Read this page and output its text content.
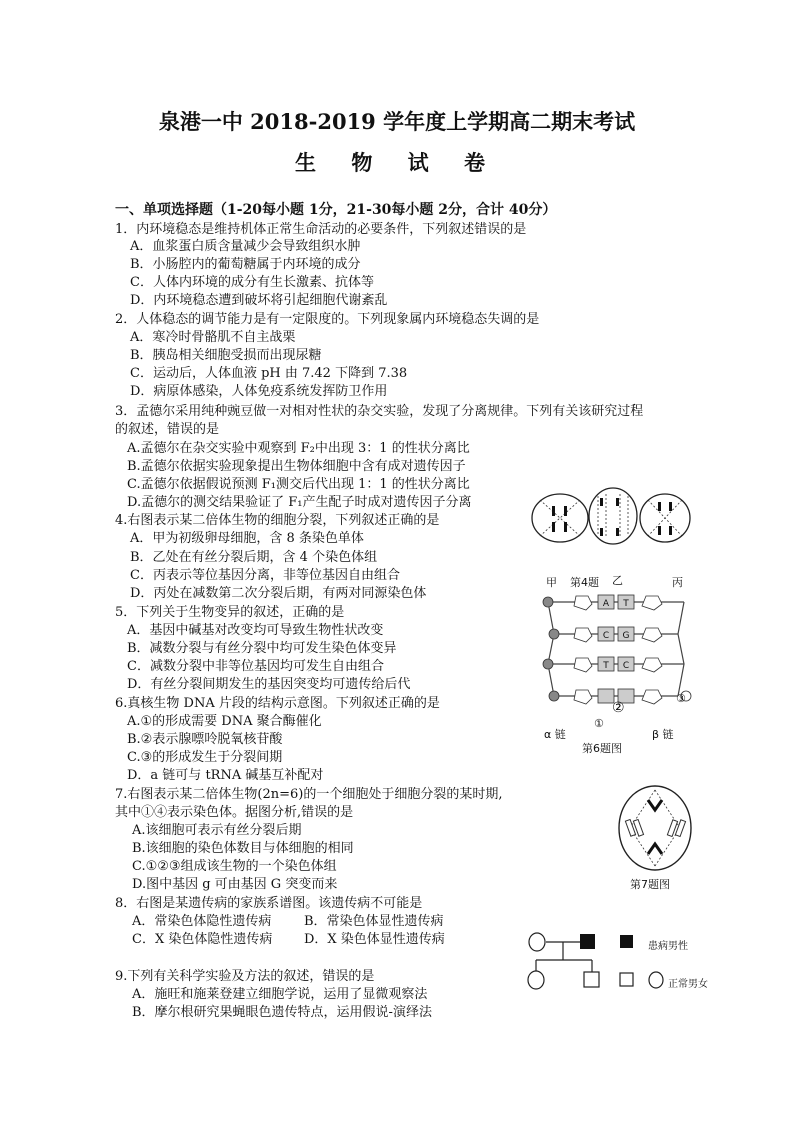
泉港一中 2018-2019 学年度上学期高二期末考试
生 物 试 卷
一、单项选择题（1-20每小题 1分，21-30每小题 2分，合计 40分）
1．内环境稳态是维持机体正常生命活动的必要条件，下列叙述错误的是
A．血浆蛋白质含量减少会导致组织水肿
B．小肠腔内的葡萄糖属于内环境的成分
C．人体内环境的成分有生长激素、抗体等
D．内环境稳态遭到破坏将引起细胞代谢紊乱
2．人体稳态的调节能力是有一定限度的。下列现象属内环境稳态失调的是
A．寒冷时骨骼肌不自主战栗
B．胰岛相关细胞受损而出现尿糖
C．运动后，人体血液 pH 由 7.42 下降到 7.38
D．病原体感染，人体免疫系统发挥防卫作用
3．孟德尔采用纯种豌豆做一对相对性状的杂交实验，发现了分离规律。下列有关该研究过程
的叙述，错误的是
A.孟德尔在杂交实验中观察到 F₂中出现 3：1 的性状分离比
B.孟德尔依据实验现象提出生物体细胞中含有成对遗传因子
C.孟德尔依据假说预测 F₁测交后代出现 1：1 的性状分离比
D.孟德尔的测交结果验证了 F₁产生配子时成对遗传因子分离
4.右图表示某二倍体生物的细胞分裂，下列叙述正确的是
A．甲为初级卵母细胞，含 8 条染色单体
B．乙处在有丝分裂后期，含 4 个染色体组
C．丙表示等位基因分离，非等位基因自由组合
D．丙处在减数第二次分裂后期，有两对同源染色体
5．下列关于生物变异的叙述，正确的是
A．基因中碱基对改变均可导致生物性状改变
B．减数分裂与有丝分裂中均可发生染色体变异
C．减数分裂中非等位基因均可发生自由组合
D．有丝分裂间期发生的基因突变均可遗传给后代
6.真核生物 DNA 片段的结构示意图。下列叙述正确的是
A.①的形成需要 DNA 聚合酶催化
B.②表示腺嘌呤脱氧核苷酸
C.③的形成发生于分裂间期
D．a 链可与 tRNA 碱基互补配对
7.右图表示某二倍体生物(2n=6)的一个细胞处于细胞分裂的某时期,
其中①④表示染色体。据图分析,错误的是
A.该细胞可表示有丝分裂后期
B.该细胞的染色体数目与体细胞的相同
C.①②③组成该生物的一个染色体组
D.图中基因 g 可由基因 G 突变而来
8．右图是某遗传病的家族系谱图。该遗传病不可能是
A．常染色体隐性遗传病	B．常染色体显性遗传病
C．X 染色体隐性遗传病 D．X 染色体显性遗传病
9.下列有关科学实验及方法的叙述，错误的是
A．施旺和施莱登建立细胞学说，运用了显微观察法
B．摩尔根研究果蝇眼色遗传特点，运用假说-演绎法
甲 第4题 乙	丙
A T
C G
T C
α 链
①
②
③
β 链
第6题图
第7题图
患病男性
正常男女
